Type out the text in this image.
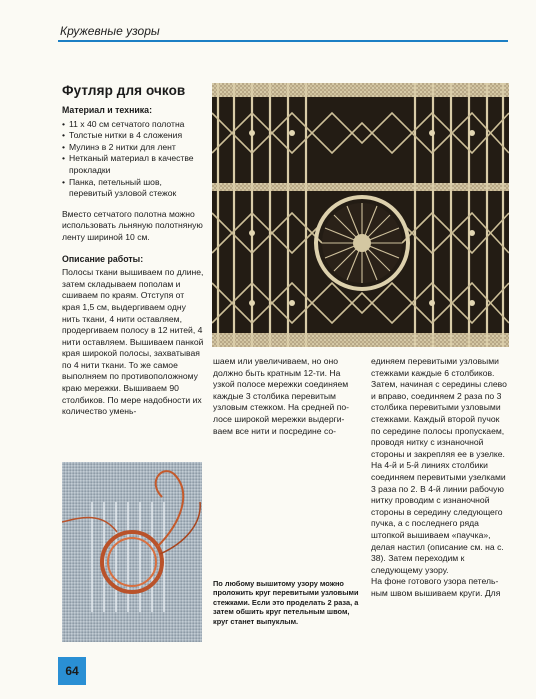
Кружевные узоры
Футляр для очков
Материал и техника:
• 11 х 40 см сетчатого полотна
• Толстые нитки в 4 сложения
• Мулинэ в 2 нитки для лент
• Нетканый материал в качестве прокладки
• Панка, петельный шов, перевитый узловой стежок

Вместо сетчатого полотна можно использовать льняную полотняную ленту шириной 10 см.

Описание работы:

Полосы ткани вышиваем по длине, затем складываем пополам и сшиваем по краям. Отступя от края 1,5 см, выдергиваем одну нить ткани, 4 нити оставляем, продергиваем полосу в 12 нитей, 4 нити оставляем. Вышиваем панкой края широкой полосы, захватывая по 4 нити ткани. То же самое выполняем по противоположному краю мережки. Вышиваем 90 столбиков. По мере надобности их количество умень-

шаем или увеличиваем, но оно должно быть кратным 12-ти. На узкой полосе мережки соединяем каждые 3 столбика перевитым узловым стежком. На средней полосе широкой мережки выдергиваем все нити и посредине со-

единяем перевитыми узловыми стежками каждые 6 столбиков. Затем, начиная с середины слево и вправо, соединяем 2 раза по 3 столбика перевитыми узловыми стежками. Каждый второй пучок по середине полосы пропускаем, проводя нитку с изнаночной стороны и закрепляя ее в узелке. На 4-й и 5-й линиях столбики соединяем перевитыми узелками 3 раза по 2. В 4-й линии рабочую нитку проводим с изнаночной стороны в середину следующего пучка, а с последнего ряда штопкой вышиваем «паучка», делая настил (описание см. на с. 38). Затем переходим к следующему узору.

На фоне готового узора петельным швом вышиваем круги. Для

По любому вышитому узору можно проложить круг перевитыми узловыми стежками. Если это проделать 2 раза, а затем обшить круг петельным швом, круг станет выпуклым.
64
